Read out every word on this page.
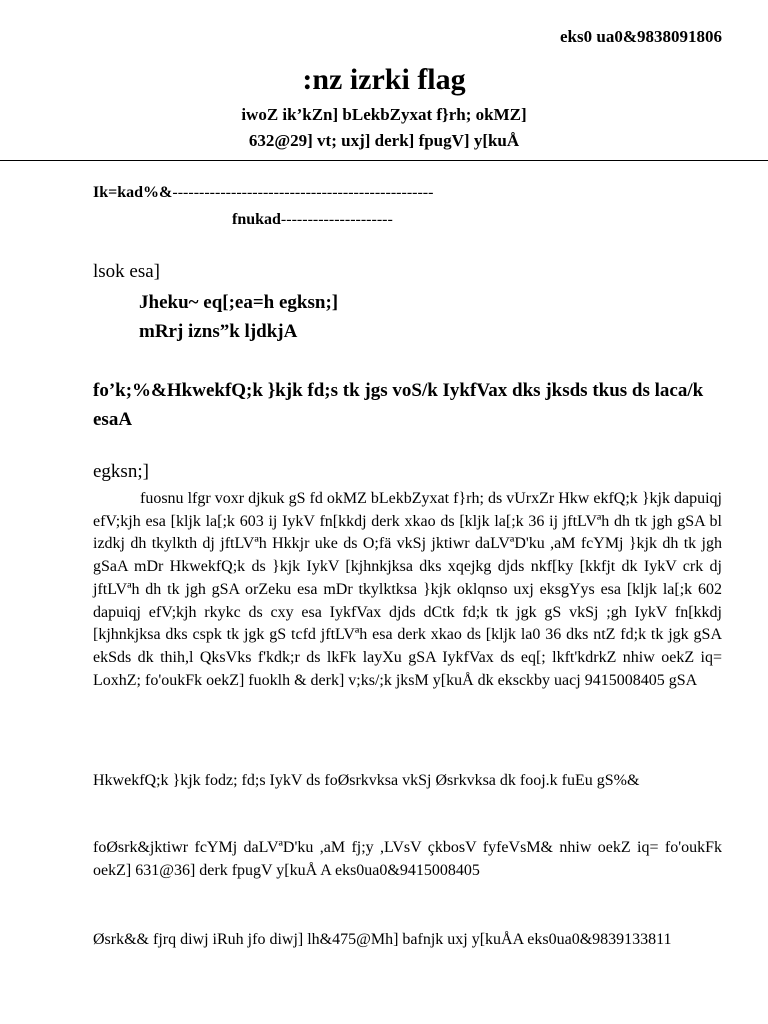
eks0 ua0&9838091806
:nz izrki flag
iwoZ ik’kZn] bLekbZyxat f}rh; okMZ]
632@29] vt; uxj] derk] fpugV] y[kuÅ
Ik=kad%&-------------------------------------------------
fnukad---------------------
lsok esa]
Jheku~ eq[;ea=h egksn;]
mRrj izns”k ljdkjA
fo’k;%&HkwekfQ;k }kjk fd;s tk jgs voS/k IykfVax dks jksds tkus ds laca/k esaA
egksn;]
fuosnu lfgr voxr djkuk gS fd okMZ bLekbZyxat f}rh; ds vUrxZr Hkw ekfQ;k }kjk dapuiqj efV;kjh esa [kljk la[;k 603 ij IykV fn[kkdj derk xkao ds [kljk la[;k 36 ij jftLVªh dh tk jgh gSA bl izdkj dh tkylkth dj jftLVªh Hkkjr uke ds O;fä vkSj jktiwr daLVªD'ku ,aM fcYMj }kjk dh tk jgh gSaA mDr HkwekfQ;k ds }kjk IykV [kjhnkjksa dks xqejkg djds nkf[ky [kkfjt dk IykV crk dj jftLVªh dh tk jgh gSA orZeku esa mDr tkylktksa }kjk oklqnso uxj eksgYys esa [kljk la[;k 602 dapuiqj efV;kjh rkykc ds cxy esa IykfVax djds dCtk fd;k tk jgk gS vkSj ;gh IykV fn[kkdj [kjhnkjksa dks cspk tk jgk gS tcfd jftLVªh esa derk xkao ds [kljk la0 36 dks ntZ fd;k tk jgk gSA ekSds dk thih,l QksVks f'kdk;r ds lkFk layXu gSA IykfVax ds eq[; lkft'kdrkZ nhiw oekZ iq= LoxhZ; fo'oukFk oekZ] fuoklh & derk] v;ks/;k jksM y[kuÅ dk eksckby uacj 9415008405 gSA
HkwekfQ;k }kjk fodz; fd;s IykV ds foØsrkvksa vkSj Øsrkvksa dk fooj.k fuEu gS%&
foØsrk&jktiwr fcYMj daLVªD'ku ,aM fj;y ,LVsV çkbosV fyfeVsM& nhiw oekZ iq= fo'oukFk oekZ] 631@36] derk fpugV y[kuÅ A eks0ua0&9415008405
Øsrk&& fjrq diwj iRuh jfo diwj] lh&475@Mh] bafnjk uxj y[kuÅA eks0ua0&9839133811
